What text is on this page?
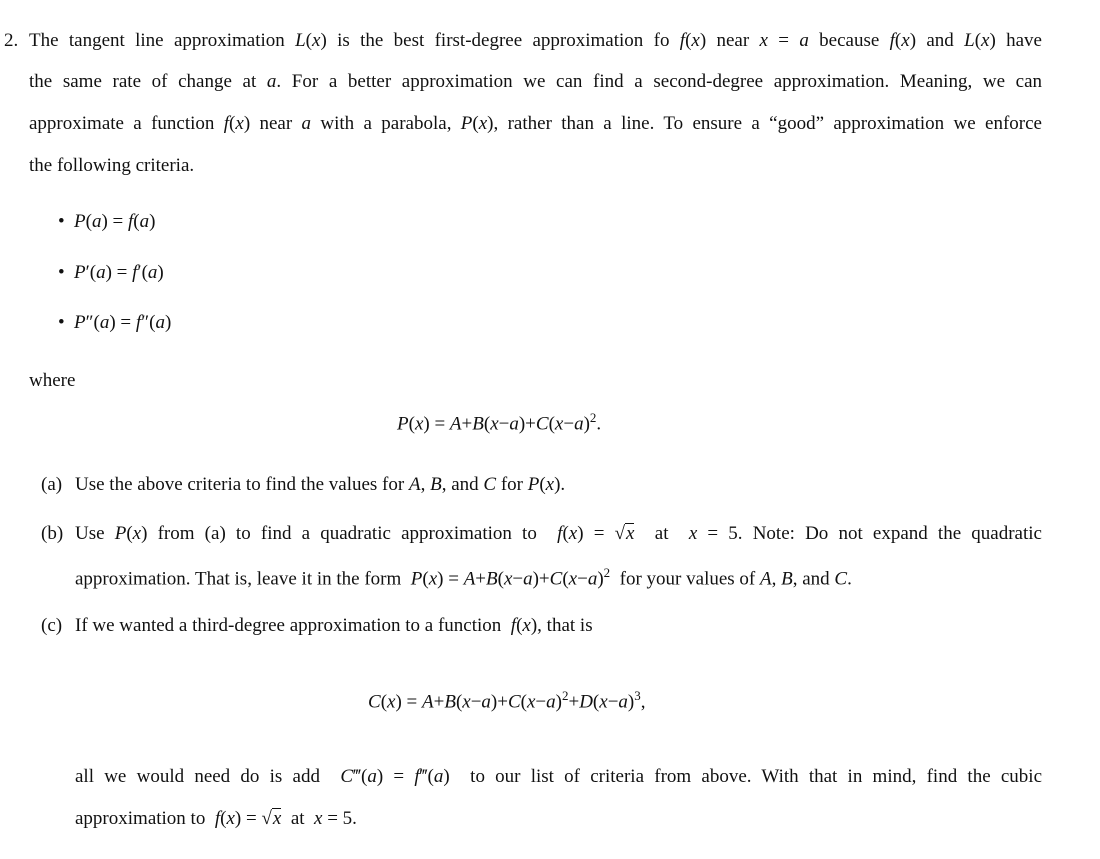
2. The tangent line approximation L(x) is the best first-degree approximation fo f(x) near x = a because f(x) and L(x) have
the same rate of change at a. For a better approximation we can find a second-degree approximation. Meaning, we can
approximate a function f(x) near a with a parabola, P(x), rather than a line. To ensure a “good” approximation we enforce
the following criteria.
• P(a) = f(a)
• P′(a) = f′(a)
• P″(a) = f″(a)
where
$P(x) = A+B(x-a)+C(x-a)^2$.
(a) Use the above criteria to find the values for A, B, and C for P(x).
(b) Use P(x) from (a) to find a quadratic approximation to  f(x) = √x  at  x = 5. Note: Do not expand the quadratic
approximation. That is, leave it in the form  $P(x) = A+B(x-a)+C(x-a)^2$  for your values of A, B, and C.
(c) If we wanted a third-degree approximation to a function  f(x), that is
$C(x) = A+B(x-a)+C(x-a)^2+D(x-a)^3$,
all we would need do is add  C‴(a) = f‴(a)  to our list of criteria from above. With that in mind, find the cubic
approximation to  f(x) = √x  at  x = 5.
